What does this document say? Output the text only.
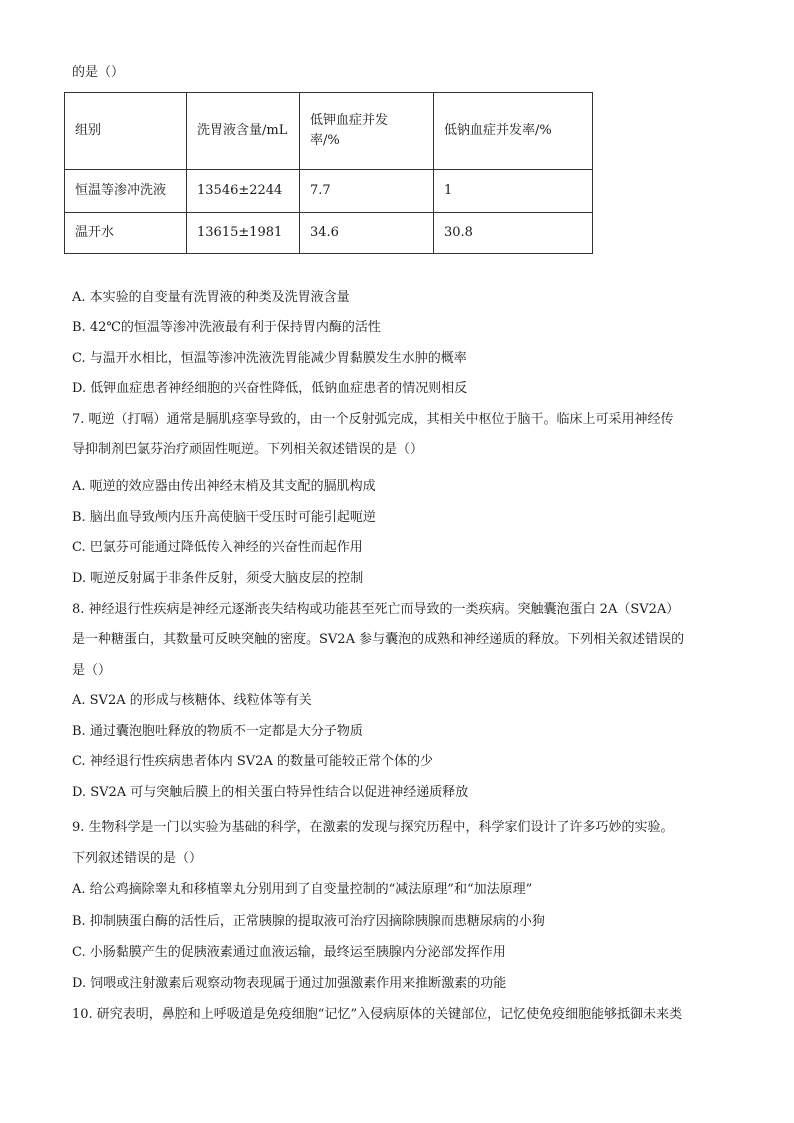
的是（）
组别	洗胃液含量/mL	低钾血症并发　率/%	低钠血症并发率/%
恒温等渗冲洗液	13546±2244	7.7	1
温开水	13615±1981	34.6	30.8
A. 本实验的自变量有洗胃液的种类及洗胃液含量
B. 42℃的恒温等渗冲洗液最有利于保持胃内酶的活性
C. 与温开水相比，恒温等渗冲洗液洗胃能减少胃黏膜发生水肿的概率
D. 低钾血症患者神经细胞的兴奋性降低，低钠血症患者的情况则相反
7. 呃逆（打嗝）通常是膈肌痉挛导致的，由一个反射弧完成，其相关中枢位于脑干。临床上可采用神经传
导抑制剂巴氯芬治疗顽固性呃逆。下列相关叙述错误的是（）
A. 呃逆的效应器由传出神经末梢及其支配的膈肌构成
B. 脑出血导致颅内压升高使脑干受压时可能引起呃逆
C. 巴氯芬可能通过降低传入神经的兴奋性而起作用
D. 呃逆反射属于非条件反射，须受大脑皮层的控制
8. 神经退行性疾病是神经元逐渐丧失结构或功能甚至死亡而导致的一类疾病。突触囊泡蛋白 2A（SV2A）
是一种糖蛋白，其数量可反映突触的密度。SV2A 参与囊泡的成熟和神经递质的释放。下列相关叙述错误的
是（）
A. SV2A 的形成与核糖体、线粒体等有关
B. 通过囊泡胞吐释放的物质不一定都是大分子物质
C. 神经退行性疾病患者体内 SV2A 的数量可能较正常个体的少
D. SV2A 可与突触后膜上的相关蛋白特异性结合以促进神经递质释放
9. 生物科学是一门以实验为基础的科学，在激素的发现与探究历程中，科学家们设计了许多巧妙的实验。
下列叙述错误的是（）
A. 给公鸡摘除睾丸和移植睾丸分别用到了自变量控制的“减法原理”和“加法原理”
B. 抑制胰蛋白酶的活性后，正常胰腺的提取液可治疗因摘除胰腺而患糖尿病的小狗
C. 小肠黏膜产生的促胰液素通过血液运输，最终运至胰腺内分泌部发挥作用
D. 饲喂或注射激素后观察动物表现属于通过加强激素作用来推断激素的功能
10. 研究表明，鼻腔和上呼吸道是免疫细胞“记忆”入侵病原体的关键部位，记忆使免疫细胞能够抵御未来类
